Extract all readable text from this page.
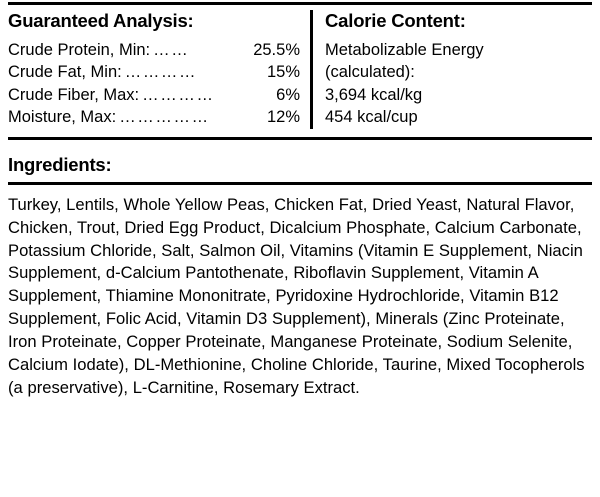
Guaranteed Analysis:
Crude Protein, Min: ……	25.5%
Crude Fat, Min: …………	15%
Crude Fiber, Max: …………	6%
Moisture, Max: ……………	12%
Calorie Content:
Metabolizable Energy
(calculated):
3,694 kcal/kg
454 kcal/cup
Ingredients:
Turkey, Lentils, Whole Yellow Peas, Chicken Fat, Dried Yeast, Natural Flavor, Chicken, Trout, Dried Egg Product, Dicalcium Phosphate, Calcium Carbonate, Potassium Chloride, Salt, Salmon Oil, Vitamins (Vitamin E Supplement, Niacin Supplement, d-Calcium Pantothenate, Riboflavin Supplement, Vitamin A Supplement, Thiamine Mononitrate, Pyridoxine Hydrochloride, Vitamin B12 Supplement, Folic Acid, Vitamin D3 Supplement), Minerals (Zinc Proteinate, Iron Proteinate, Copper Proteinate, Manganese Proteinate, Sodium Selenite, Calcium Iodate), DL-Methionine, Choline Chloride, Taurine, Mixed Tocopherols (a preservative), L-Carnitine, Rosemary Extract.
